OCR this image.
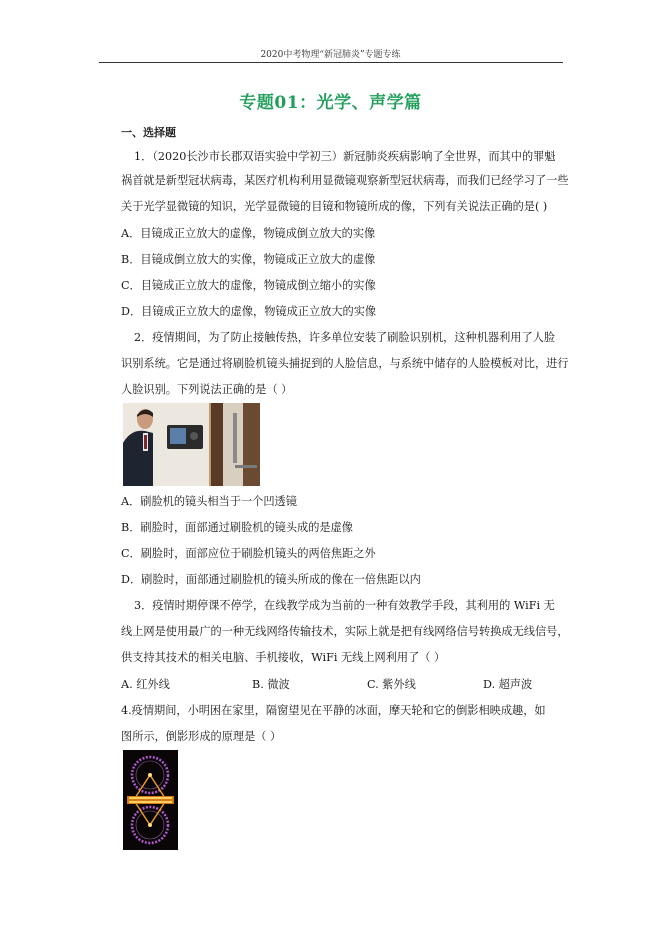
2020中考物理“新冠肺炎”专题专练
专题01：光学、声学篇
一、选择题
1．（2020长沙市长郡双语实验中学初三）新冠肺炎疾病影响了全世界，而其中的罪魁
祸首就是新型冠状病毒，某医疗机构利用显微镜观察新型冠状病毒，而我们已经学习了一些
关于光学显微镜的知识，光学显微镜的目镜和物镜所成的像，下列有关说法正确的是( )
A．目镜成正立放大的虚像，物镜成倒立放大的实像
B．目镜成倒立放大的实像，物镜成正立放大的虚像
C．目镜成正立放大的虚像，物镜成倒立缩小的实像
D．目镜成正立放大的虚像，物镜成正立放大的实像
2．疫情期间，为了防止接触传热，许多单位安装了刷脸识别机，这种机器利用了人脸
识别系统。它是通过将刷脸机镜头捕捉到的人脸信息，与系统中储存的人脸模板对比，进行
人脸识别。下列说法正确的是（ ）
A．刷脸机的镜头相当于一个凹透镜
B．刷脸时，面部通过刷脸机的镜头成的是虚像
C．刷脸时，面部应位于刷脸机镜头的两倍焦距之外
D．刷脸时，面部通过刷脸机的镜头所成的像在一倍焦距以内
3．疫情时期停课不停学，在线教学成为当前的一种有效教学手段，其利用的 WiFi 无
线上网是使用最广的一种无线网络传输技术，实际上就是把有线网络信号转换成无线信号，
供支持其技术的相关电脑、手机接收，WiFi 无线上网利用了（ ）
A. 红外线	B. 微波	C. 紫外线	D. 超声波
4.疫情期间，小明困在家里，隔窗望见在平静的冰面，摩天轮和它的倒影相映成趣，如
图所示，倒影形成的原理是（ ）
